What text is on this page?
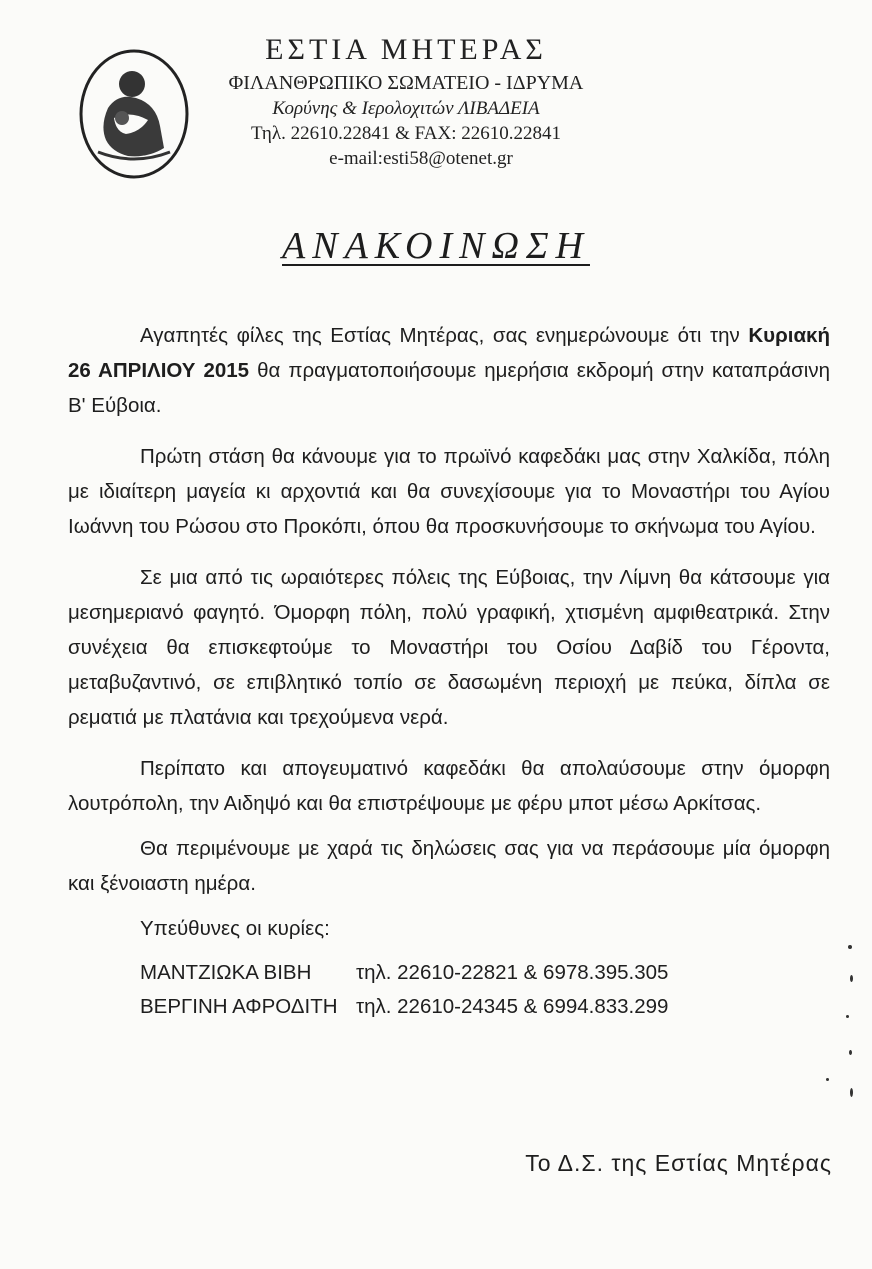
ΕΣΤΙΑ ΜΗΤΕΡΑΣ
ΦΙΛΑΝΘΡΩΠΙΚΟ ΣΩΜΑΤΕΙΟ - ΙΔΡΥΜΑ
Κορύνης & Ιερολοχιτών ΛΙΒΑΔΕΙΑ
Τηλ. 22610.22841 & FAX: 22610.22841
e-mail:esti58@otenet.gr
ΑΝΑΚΟΙΝΩΣΗ

Αγαπητές φίλες της Εστίας Μητέρας, σας ενημερώνουμε ότι την Κυριακή 26 ΑΠΡΙΛΙΟΥ 2015 θα πραγματοποιήσουμε ημερήσια εκδρομή στην καταπράσινη Β' Εύβοια.

Πρώτη στάση θα κάνουμε για το πρωϊνό καφεδάκι μας στην Χαλκίδα, πόλη με ιδιαίτερη μαγεία κι αρχοντιά και θα συνεχίσουμε για το Μοναστήρι του Αγίου Ιωάννη του Ρώσου στο Προκόπι, όπου θα προσκυνήσουμε το σκήνωμα του Αγίου.

Σε μια από τις ωραιότερες πόλεις της Εύβοιας, την Λίμνη θα κάτσουμε για μεσημεριανό φαγητό. Όμορφη πόλη, πολύ γραφική, χτισμένη αμφιθεατρικά. Στην συνέχεια θα επισκεφτούμε το Μοναστήρι του Οσίου Δαβίδ του Γέροντα, μεταβυζαντινό, σε επιβλητικό τοπίο σε δασωμένη περιοχή με πεύκα, δίπλα σε ρεματιά με πλατάνια και τρεχούμενα νερά.

Περίπατο και απογευματινό καφεδάκι θα απολαύσουμε στην όμορφη λουτρόπολη, την Αιδηψό και θα επιστρέψουμε με φέρυ μποτ μέσω Αρκίτσας.

Θα περιμένουμε με χαρά τις δηλώσεις σας για να περάσουμε μία όμορφη και ξένοιαστη ημέρα.

Υπεύθυνες οι κυρίες:
ΜΑΝΤΖΙΩΚΑ ΒΙΒΗ	τηλ. 22610-22821 & 6978.395.305
ΒΕΡΓΙΝΗ ΑΦΡΟΔΙΤΗ τηλ. 22610-24345 & 6994.833.299
Το Δ.Σ. της Εστίας Μητέρας
